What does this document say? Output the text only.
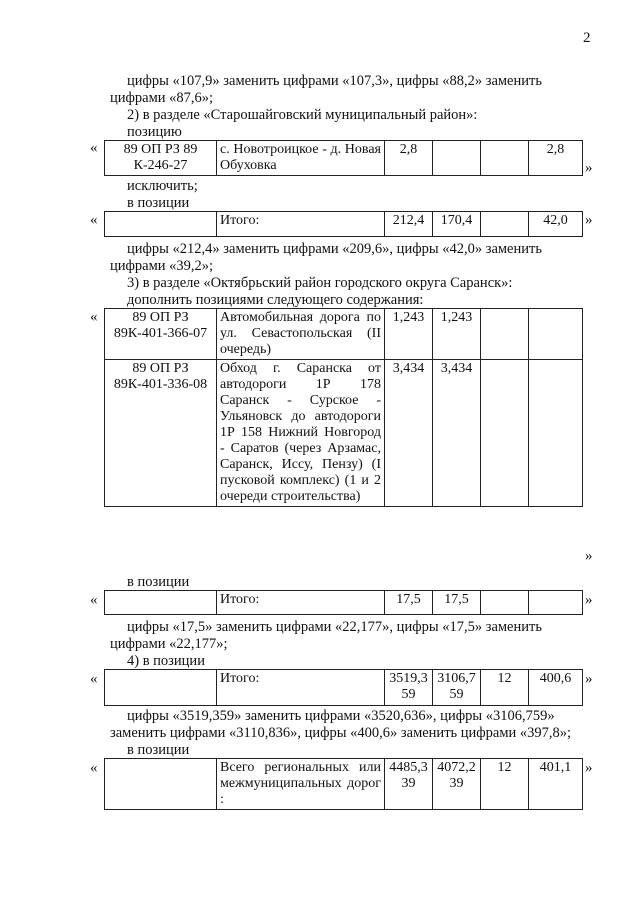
2
цифры «107,9» заменить цифрами «107,3», цифры «88,2» заменить
цифрами «87,6»;
2) в разделе «Старошайговский муниципальный район»:
позицию
« 89 ОП РЗ 89 К-246-27	с. Новотроицкое - д. Новая Обуховка	2,8			2,8
»
исключить;
в позиции
«
		Итого:	212,4	170,4		42,0 »
цифры «212,4» заменить цифрами «209,6», цифры «42,0» заменить
цифрами «39,2»;
3) в разделе «Октябрьский район городского округа Саранск»:
дополнить позициями следующего содержания:
« 89 ОП РЗ 89К-401-366-07	Автомобильная дорога по ул. Севастопольская (II очередь)	1,243	1,243		
89 ОП РЗ 89К-401-336-08	Обход г. Саранска от автодороги 1Р 178 Саранск - Сурское - Ульяновск до автодороги 1Р 158 Нижний Новгород - Саратов (через Арзамас, Саранск, Иссу, Пензу) (I пусковой комплекс) (1 и 2 очереди строительства)	3,434	3,434		
»
в позиции
«
		Итого:	17,5	17,5			»
цифры «17,5» заменить цифрами «22,177», цифры «17,5» заменить
цифрами «22,177»;
4) в позиции
«
		Итого:	3519,359	3106,759	12	400,6 »
цифры «3519,359» заменить цифрами «3520,636», цифры «3106,759»
заменить цифрами «3110,836», цифры «400,6» заменить цифрами «397,8»;
в позиции
«
		Всего региональных или межмуниципальных дорог :	4485,339	4072,239	12	401,1 »
